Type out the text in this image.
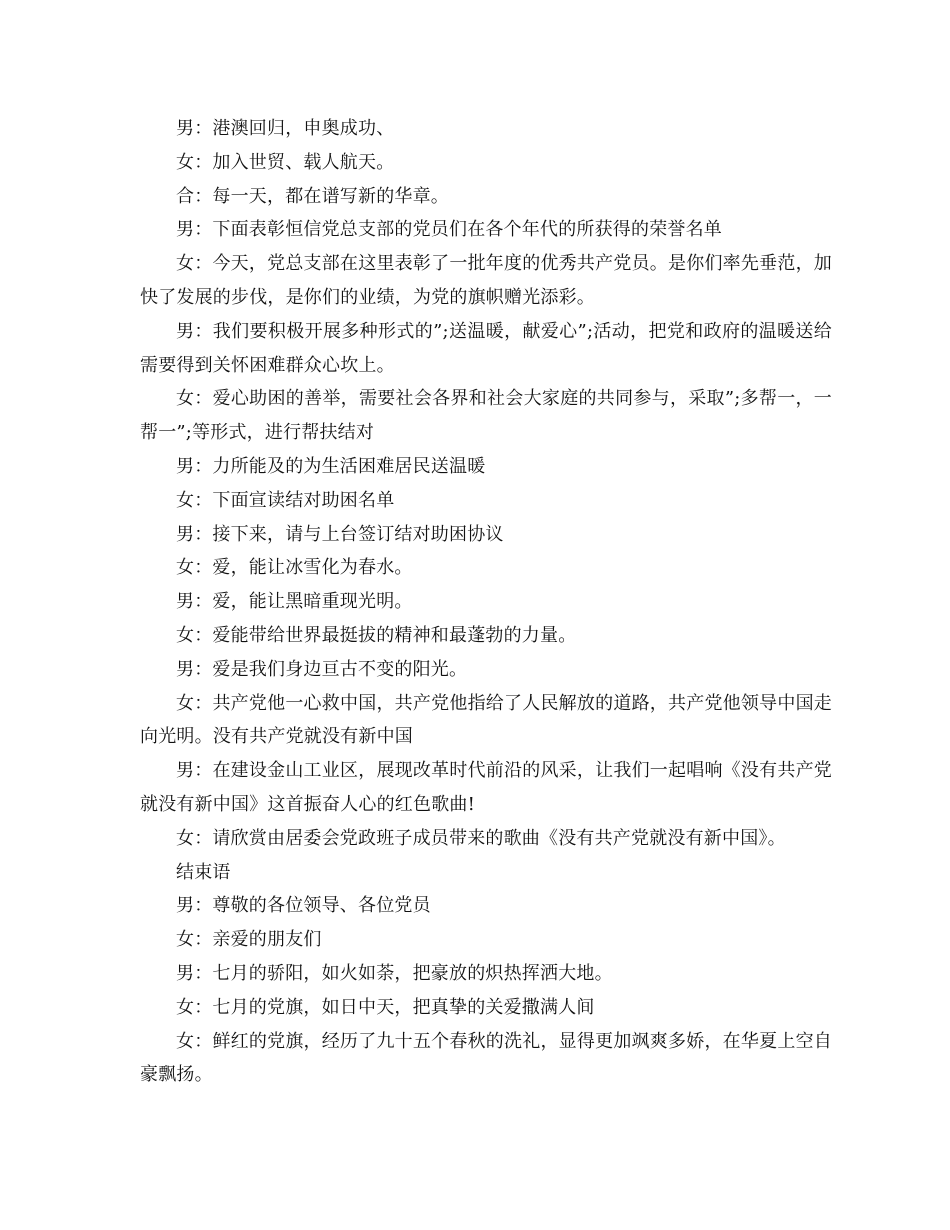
男：港澳回归，申奥成功、

女：加入世贸、载人航天。

合：每一天，都在谱写新的华章。

男：下面表彰恒信党总支部的党员们在各个年代的所获得的荣誉名单

女：今天，党总支部在这里表彰了一批年度的优秀共产党员。是你们率先垂范，加快了发展的步伐，是你们的业绩，为党的旗帜赠光添彩。

男：我们要积极开展多种形式的”;送温暖，献爱心”;活动，把党和政府的温暖送给需要得到关怀困难群众心坎上。

女：爱心助困的善举，需要社会各界和社会大家庭的共同参与，采取”;多帮一，一帮一”;等形式，进行帮扶结对

男：力所能及的为生活困难居民送温暖

女：下面宣读结对助困名单

男：接下来，请与上台签订结对助困协议

女：爱，能让冰雪化为春水。

男：爱，能让黑暗重现光明。

女：爱能带给世界最挺拔的精神和最蓬勃的力量。

男：爱是我们身边亘古不变的阳光。

女：共产党他一心救中国，共产党他指给了人民解放的道路，共产党他领导中国走向光明。没有共产党就没有新中国

男：在建设金山工业区，展现改革时代前沿的风采，让我们一起唱响《没有共产党就没有新中国》这首振奋人心的红色歌曲!

女：请欣赏由居委会党政班子成员带来的歌曲《没有共产党就没有新中国》。

结束语

男：尊敬的各位领导、各位党员

女：亲爱的朋友们

男：七月的骄阳，如火如荼，把豪放的炽热挥洒大地。

女：七月的党旗，如日中天，把真挚的关爱撒满人间

女：鲜红的党旗，经历了九十五个春秋的洗礼，显得更加飒爽多娇，在华夏上空自豪飘扬。
